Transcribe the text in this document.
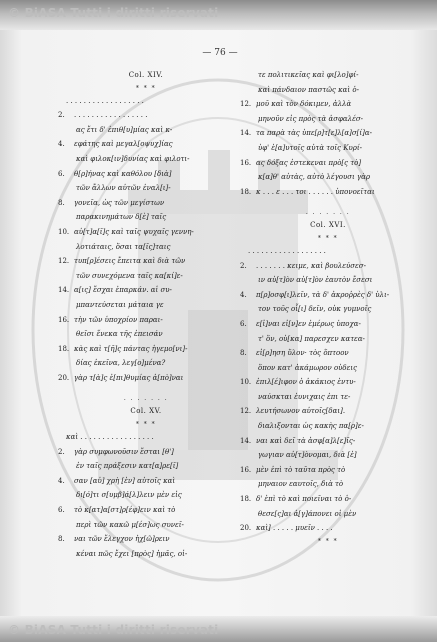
© BiASA Tutti i diritti riservati
© BiASA Tutti i diritti riservati
— 76 —
Col. XIV.
* * *
. . . . . . . . . . . . . . . . . .
2. . . . . . . . . . . . . . . . . .
ας ἔτι δ' ἐπιθ[υ]μίας καὶ κ-
4. εφάτης καὶ μεγαλ[οψυχ]ίας
καὶ φιλοκ[ιν]δυνίας καὶ φιλοτι-
6. θ[ρ]ήνας καὶ καθόλου [διὰ]
τῶν ἄλλων αὐτῶν ἐναλ[ι]-
8. γονεῖα, ὡς τῶν μεγίστων
παρακινημάτων δ[ὲ] ταῖς
10. αὐ[τ]α[ῖ]ς καὶ ταῖς ψυχαῖς γεννη-
λοτιάταις, ὅσαι τα[ῖς]ταις
12. τυπ[ρ]έσεις ἔπειτα καὶ διὰ τῶν
τῶν συνεχόμενα ταῖς κα[κί]ε-
14. α[ις] ἔσχαι ἐπαρκάν. αἱ συ-
μπαντεύσεται μάταια γε
16. τὴν τῶν ὑποχρίον παραι-
θεῖσι ἕνεκα τῆς ἐπεισάν
18. κὰς καὶ τ[ῆ]ς πάντας ἡγεμο[νι]-
δίας ἐκεῖνα, λεγ[ο]μένα?
20. γὰρ τ[ὰ]ς ἐ[πι]θυμίας ἀ[πὸ]ναι
. . . . . . .
Col. XV.
* * *
καὶ . . . . . . . . . . . . . . . . .
2. γὰρ συμφωνοῦσιν ἔσται [θ']
ἐν ταῖς πράξεσιν κατ[α]ρε[ῖ]
4. σαν [αὐ] χρὴ [ἐν] αὐτοῖς καὶ
δι[ό]τι σ[υμβ]ά[λ]λειν μὲν εἰς
6. τὸ κ[ατ]α[στ]ρ[έφ]ειν καὶ τὸ
περὶ τῶν κακῶ μ[έσ]ως συνεῖ-
8. ναι τῶν ἔλεγχον ἠχ[ῶ]ρειν
κέναι πῶς ἔχει [πρὸς] ἡμᾶς, οἱ-
τε πολιτικεῖας καὶ φι[λο]φί-
καὶ πάνδαιον παστῶς καὶ ὁ-
12. μοῦ καὶ τὸν δόκιμεν, ἀλλὰ
μηνοῦν εἰς πρὸς τὰ ἀσφαλέσ-
14. τα παρὰ τὰς ὑπε[ρ]τ[ε]λ[α]σ[ί]α-
ὑφ' ἑ[α]υτοῖς αὐτὰ τοῖς Κυρί-
16. ας δόξας ἐστεκεναι πρὸ[ς τὸ]
κ[α]θ' αὐτὰς, αὐτὸ λέγουσι γὰρ
18. κ . . . ε . . . τοι . . . . . . ὑπονοεῖται
. . . . . . .
Col. XVI.
* * *
. . . . . . . . . . . . . . . . . .
2. . . . . . . . κειμε, καὶ βουλεύσεσ-
ιν αὐ[τ]ὸν αὐ[τ]ὸν ἑαυτὸν ἔσεσι
4. π[ρ]οσφ[ι]λεῖν, τὰ δ' ἀκροῤρὲς δ' ὑλι-
τον τοῦς οἷ[ι] δεῖν, οὐκ γυμνοῖς
6. ε[ἰ]ναι εἰ[ν]εν ἐμέρως ὑποχα-
τ' ὅν, οὐ[κα] παρεσχεν κατεα-
8. εἰ[ρ]ηση ὕλον· τὸς ὅπτοον
ὅπον κατ' ἀκάμωρον οὐδεις
10. ἐπιλ[έ]ιφον ὁ ἀκάκιος ἐντυ-
ναύσκται ἐυνιχαις ἐπι τε-
12. λευτήσωνον αὐτοῖς[δαι].
διαλιξονται ὡς κακὴς πα[ρ]ε-
14. ναι καὶ δεῖ τὰ ἀσφ[α]λ[ε]ῖς-
γωγιαν αὐ[τ]ὸνομαι, διὰ [ἐ]
16. μὲν ἐπὶ τὸ ταῦτα πρὸς τὸ
μηναιον εαυτοῖς, διὰ τὸ
18. δ' ἐπὶ τὸ καὶ ποιεῖναι τὸ ὁ-
θεσε[ς]αι ἀ[γ]άπονει οἱ μὲν
20. καὶ] . . . . . μυεῖν . . . .
* * *
